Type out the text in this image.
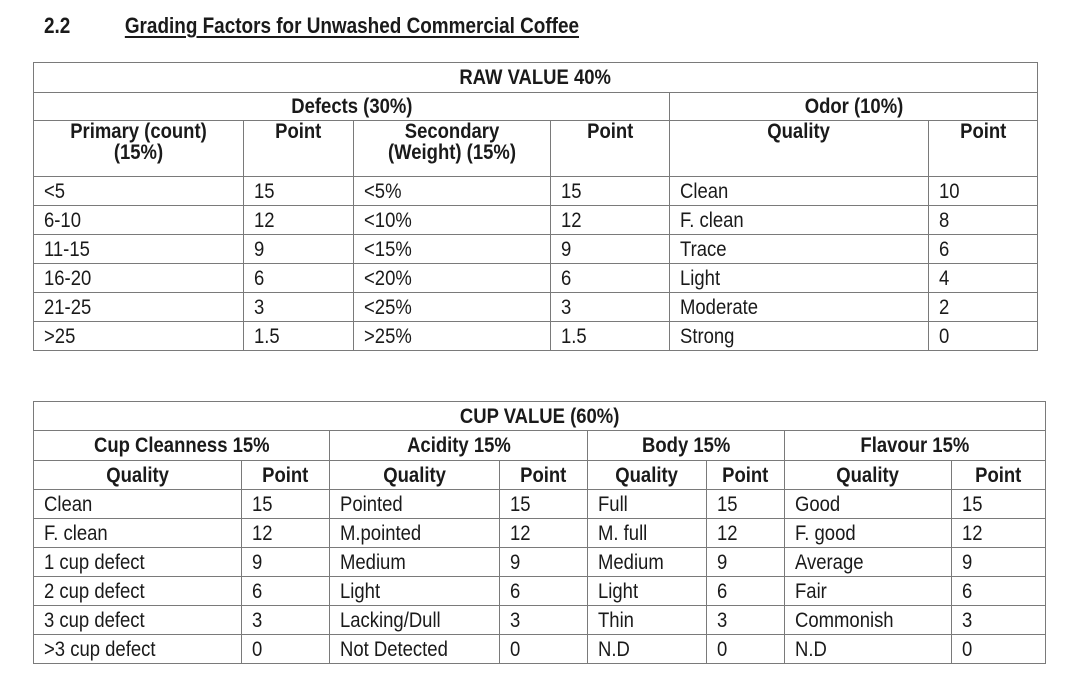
2.2	Grading Factors for Unwashed Commercial Coffee
RAW VALUE 40%					
Defects (30%)				Odor (10%)	
Primary (count) (15%)	Point	Secondary (Weight) (15%)	Point	Quality	Point
<5	15	<5%	15	Clean	10
6-10	12	<10%	12	F. clean	8
11-15	9	<15%	9	Trace	6
16-20	6	<20%	6	Light	4
21-25	3	<25%	3	Moderate	2
>25	1.5	>25%	1.5	Strong	0
CUP VALUE (60%)							
Cup Cleanness 15%		Acidity 15%		Body 15%		Flavour 15%	
Quality	Point	Quality	Point	Quality	Point	Quality	Point
Clean	15	Pointed	15	Full	15	Good	15
F. clean	12	M.pointed	12	M. full	12	F. good	12
1 cup defect	9	Medium	9	Medium	9	Average	9
2 cup defect	6	Light	6	Light	6	Fair	6
3 cup defect	3	Lacking/Dull	3	Thin	3	Commonish	3
>3 cup defect	0	Not Detected	0	N.D	0	N.D	0
